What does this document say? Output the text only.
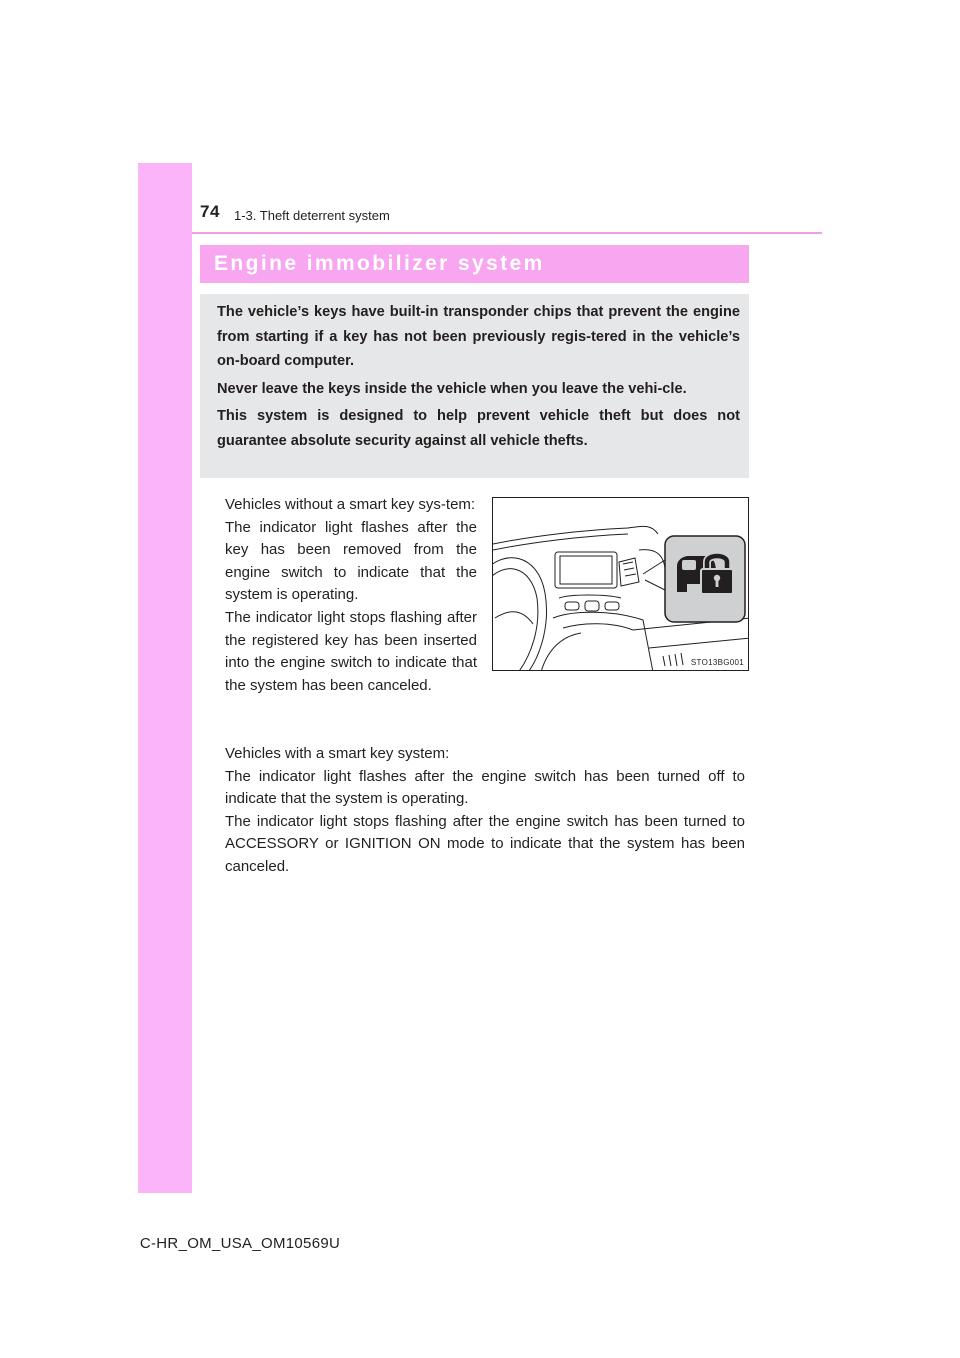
74 1-3. Theft deterrent system
Engine immobilizer system

The vehicle’s keys have built-in transponder chips that prevent the engine from starting if a key has not been previously regis-tered in the vehicle’s on-board computer.

Never leave the keys inside the vehicle when you leave the vehi-cle.

This system is designed to help prevent vehicle theft but does not guarantee absolute security against all vehicle thefts.

Vehicles without a smart key sys-tem:

The indicator light flashes after the key has been removed from the engine switch to indicate that the system is operating.

The indicator light stops flashing after the registered key has been inserted into the engine switch to indicate that the system has been canceled.

STO13BG001

Vehicles with a smart key system:

The indicator light flashes after the engine switch has been turned off to indicate that the system is operating.

The indicator light stops flashing after the engine switch has been turned to ACCESSORY or IGNITION ON mode to indicate that the system has been canceled.

C-HR_OM_USA_OM10569U
